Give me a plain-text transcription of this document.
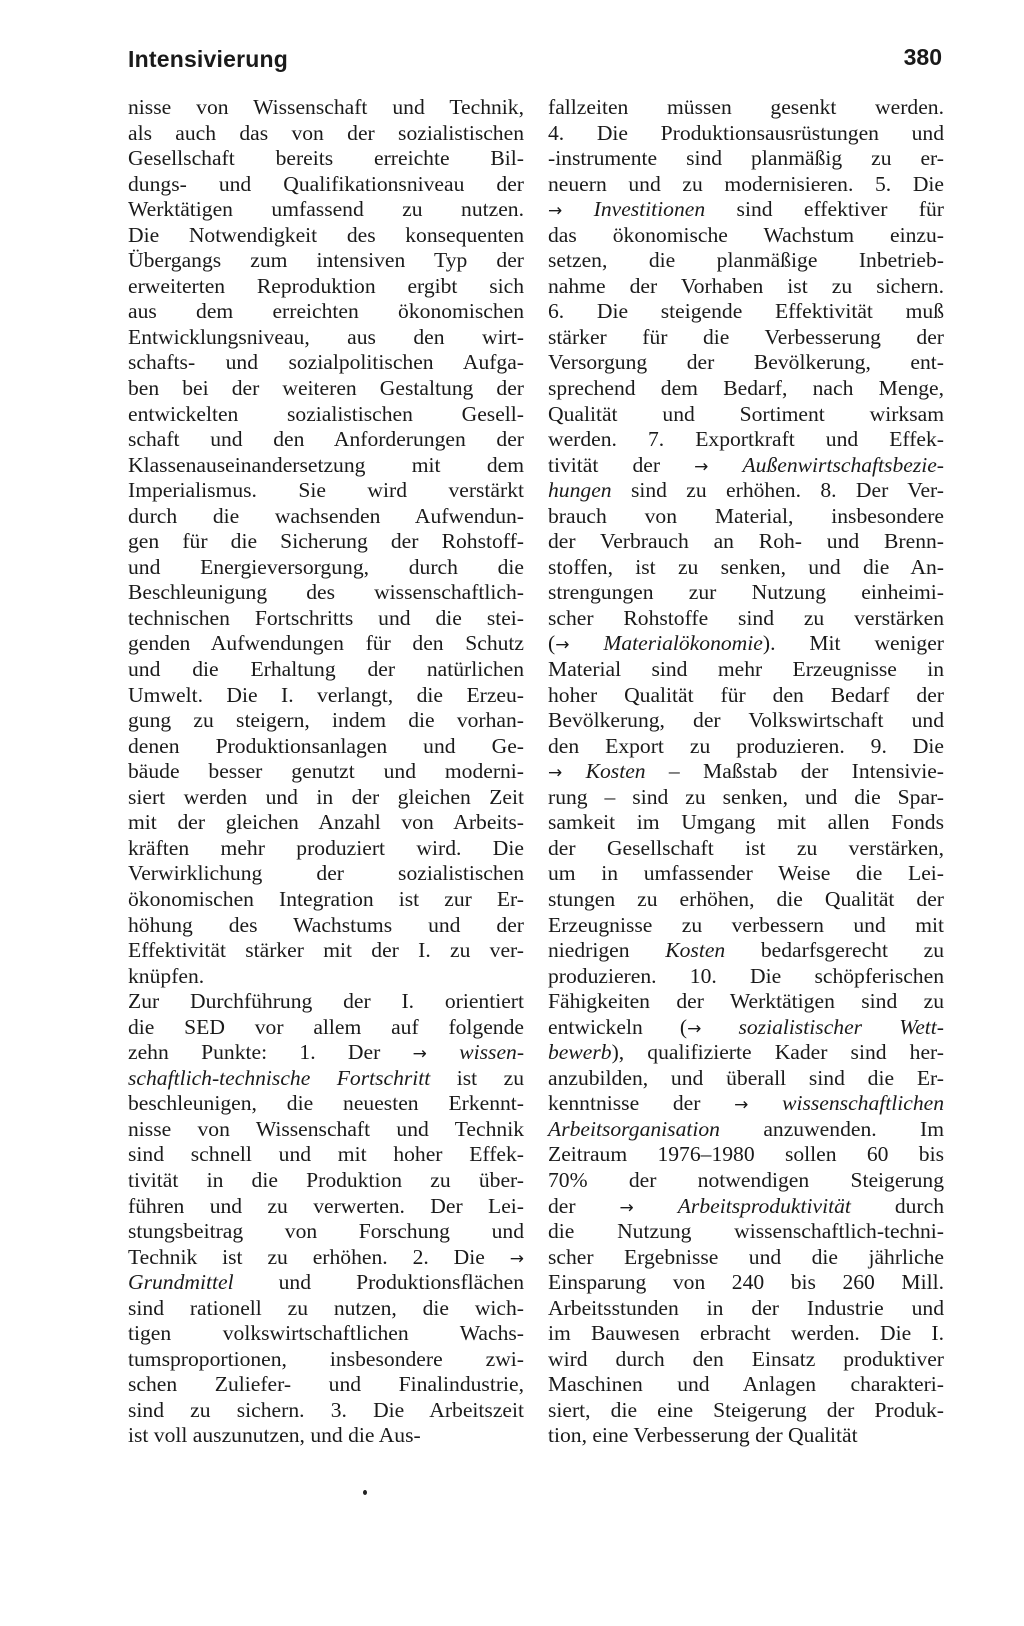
Intensivierung	380
nisse von Wissenschaft und Technik,
als auch das von der sozialistischen
Gesellschaft bereits erreichte Bil-
dungs- und Qualifikationsniveau der
Werktätigen umfassend zu nutzen.
Die Notwendigkeit des konsequenten
Übergangs zum intensiven Typ der
erweiterten Reproduktion ergibt sich
aus dem erreichten ökonomischen
Entwicklungsniveau, aus den wirt-
schafts- und sozialpolitischen Aufga-
ben bei der weiteren Gestaltung der
entwickelten sozialistischen Gesell-
schaft und den Anforderungen der
Klassenauseinandersetzung mit dem
Imperialismus. Sie wird verstärkt
durch die wachsenden Aufwendun-
gen für die Sicherung der Rohstoff-
und Energieversorgung, durch die
Beschleunigung des wissenschaftlich-
technischen Fortschritts und die stei-
genden Aufwendungen für den Schutz
und die Erhaltung der natürlichen
Umwelt. Die I. verlangt, die Erzeu-
gung zu steigern, indem die vorhan-
denen Produktionsanlagen und Ge-
bäude besser genutzt und moderni-
siert werden und in der gleichen Zeit
mit der gleichen Anzahl von Arbeits-
kräften mehr produziert wird. Die
Verwirklichung der sozialistischen
ökonomischen Integration ist zur Er-
höhung des Wachstums und der
Effektivität stärker mit der I. zu ver-
knüpfen.
Zur Durchführung der I. orientiert
die SED vor allem auf folgende
zehn Punkte: 1. Der → wissen-
schaftlich-technische Fortschritt ist zu
beschleunigen, die neuesten Erkennt-
nisse von Wissenschaft und Technik
sind schnell und mit hoher Effek-
tivität in die Produktion zu über-
führen und zu verwerten. Der Lei-
stungsbeitrag von Forschung und
Technik ist zu erhöhen. 2. Die →
Grundmittel und Produktionsflächen
sind rationell zu nutzen, die wich-
tigen volkswirtschaftlichen Wachs-
tumsproportionen, insbesondere zwi-
schen Zuliefer- und Finalindustrie,
sind zu sichern. 3. Die Arbeitszeit
ist voll auszunutzen, und die Aus-
fallzeiten müssen gesenkt werden.
4. Die Produktionsausrüstungen und
-instrumente sind planmäßig zu er-
neuern und zu modernisieren. 5. Die
→ Investitionen sind effektiver für
das ökonomische Wachstum einzu-
setzen, die planmäßige Inbetrieb-
nahme der Vorhaben ist zu sichern.
6. Die steigende Effektivität muß
stärker für die Verbesserung der
Versorgung der Bevölkerung, ent-
sprechend dem Bedarf, nach Menge,
Qualität und Sortiment wirksam
werden. 7. Exportkraft und Effek-
tivität der → Außenwirtschaftsbezie-
hungen sind zu erhöhen. 8. Der Ver-
brauch von Material, insbesondere
der Verbrauch an Roh- und Brenn-
stoffen, ist zu senken, und die An-
strengungen zur Nutzung einheimi-
scher Rohstoffe sind zu verstärken
(→ Materialökonomie). Mit weniger
Material sind mehr Erzeugnisse in
hoher Qualität für den Bedarf der
Bevölkerung, der Volkswirtschaft und
den Export zu produzieren. 9. Die
→ Kosten – Maßstab der Intensivie-
rung – sind zu senken, und die Spar-
samkeit im Umgang mit allen Fonds
der Gesellschaft ist zu verstärken,
um in umfassender Weise die Lei-
stungen zu erhöhen, die Qualität der
Erzeugnisse zu verbessern und mit
niedrigen Kosten bedarfsgerecht zu
produzieren. 10. Die schöpferischen
Fähigkeiten der Werktätigen sind zu
entwickeln (→ sozialistischer Wett-
bewerb), qualifizierte Kader sind her-
anzubilden, und überall sind die Er-
kenntnisse der → wissenschaftlichen
Arbeitsorganisation anzuwenden. Im
Zeitraum 1976–1980 sollen 60 bis
70% der notwendigen Steigerung
der → Arbeitsproduktivität durch
die Nutzung wissenschaftlich-techni-
scher Ergebnisse und die jährliche
Einsparung von 240 bis 260 Mill.
Arbeitsstunden in der Industrie und
im Bauwesen erbracht werden. Die I.
wird durch den Einsatz produktiver
Maschinen und Anlagen charakteri-
siert, die eine Steigerung der Produk-
tion, eine Verbesserung der Qualität
